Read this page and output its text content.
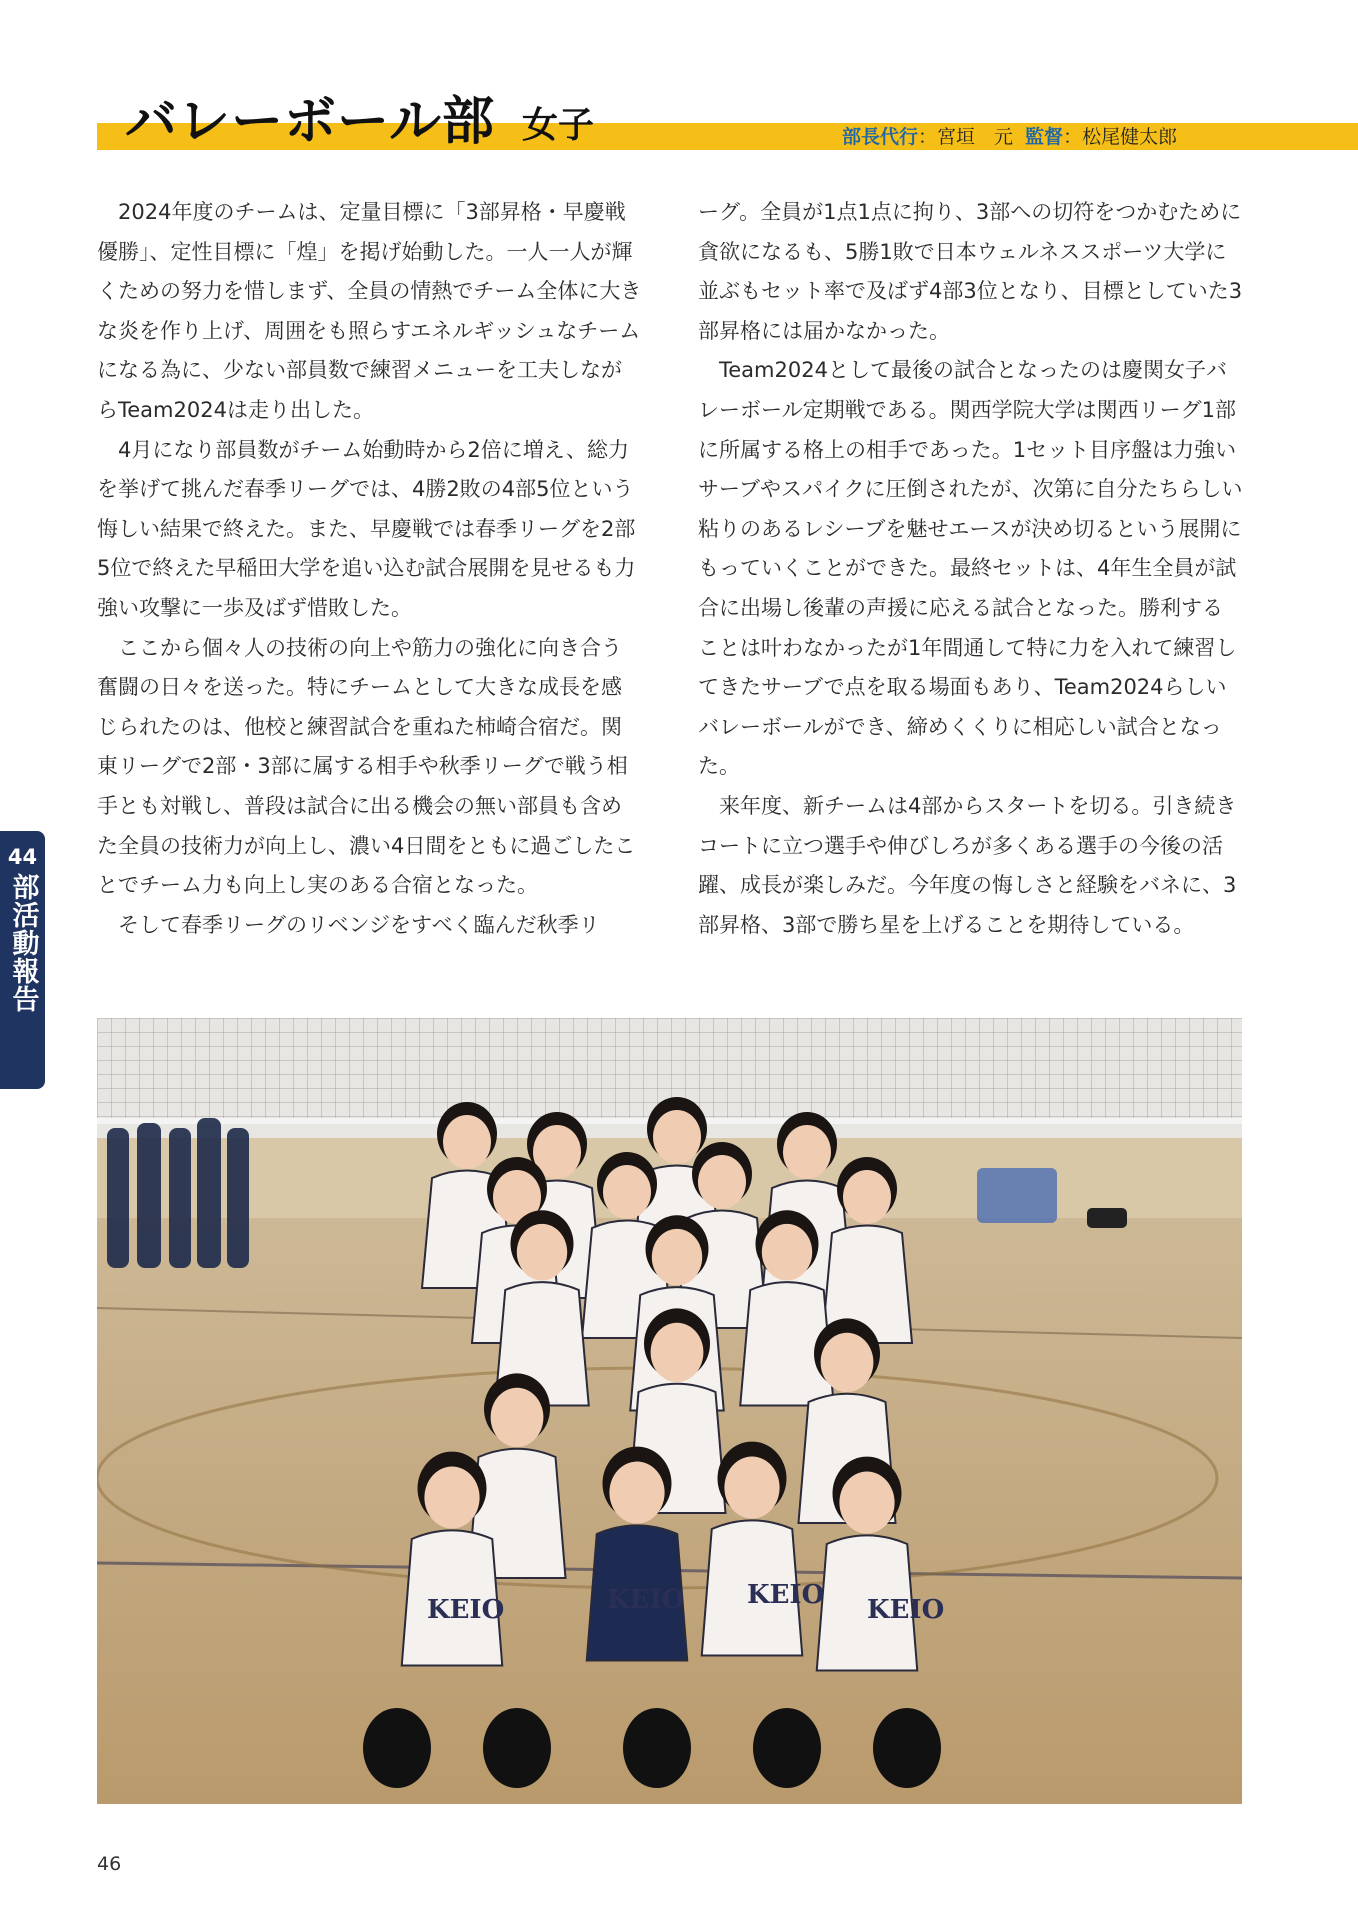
バレーボール部 女子	部長代行：宮垣　元 監督：松尾健太郎

2024年度のチームは、定量目標に「3部昇格・早慶戦優勝」、定性目標に「煌」を掲げ始動した。一人一人が輝くための努力を惜しまず、全員の情熱でチーム全体に大きな炎を作り上げ、周囲をも照らすエネルギッシュなチームになる為に、少ない部員数で練習メニューを工夫しながらTeam2024は走り出した。

4月になり部員数がチーム始動時から2倍に増え、総力を挙げて挑んだ春季リーグでは、4勝2敗の4部5位という悔しい結果で終えた。また、早慶戦では春季リーグを2部5位で終えた早稲田大学を追い込む試合展開を見せるも力強い攻撃に一歩及ばず惜敗した。

ここから個々人の技術の向上や筋力の強化に向き合う奮闘の日々を送った。特にチームとして大きな成長を感じられたのは、他校と練習試合を重ねた柿崎合宿だ。関東リーグで2部・3部に属する相手や秋季リーグで戦う相手とも対戦し、普段は試合に出る機会の無い部員も含めた全員の技術力が向上し、濃い4日間をともに過ごしたことでチーム力も向上し実のある合宿となった。

そして春季リーグのリベンジをすべく臨んだ秋季リ

ーグ。全員が1点1点に拘り、3部への切符をつかむために貪欲になるも、5勝1敗で日本ウェルネススポーツ大学に並ぶもセット率で及ばず4部3位となり、目標としていた3部昇格には届かなかった。

Team2024として最後の試合となったのは慶関女子バレーボール定期戦である。関西学院大学は関西リーグ1部に所属する格上の相手であった。1セット目序盤は力強いサーブやスパイクに圧倒されたが、次第に自分たちらしい粘りのあるレシーブを魅せエースが決め切るという展開にもっていくことができた。最終セットは、4年生全員が試合に出場し後輩の声援に応える試合となった。勝利することは叶わなかったが1年間通して特に力を入れて練習してきたサーブで点を取る場面もあり、Team2024らしいバレーボールができ、締めくくりに相応しい試合となった。

来年度、新チームは4部からスタートを切る。引き続きコートに立つ選手や伸びしろが多くある選手の今後の活躍、成長が楽しみだ。今年度の悔しさと経験をバネに、3部昇格、3部で勝ち星を上げることを期待している。

44
部活動報告
KEIO KEIO KEIO
KEIO
46
